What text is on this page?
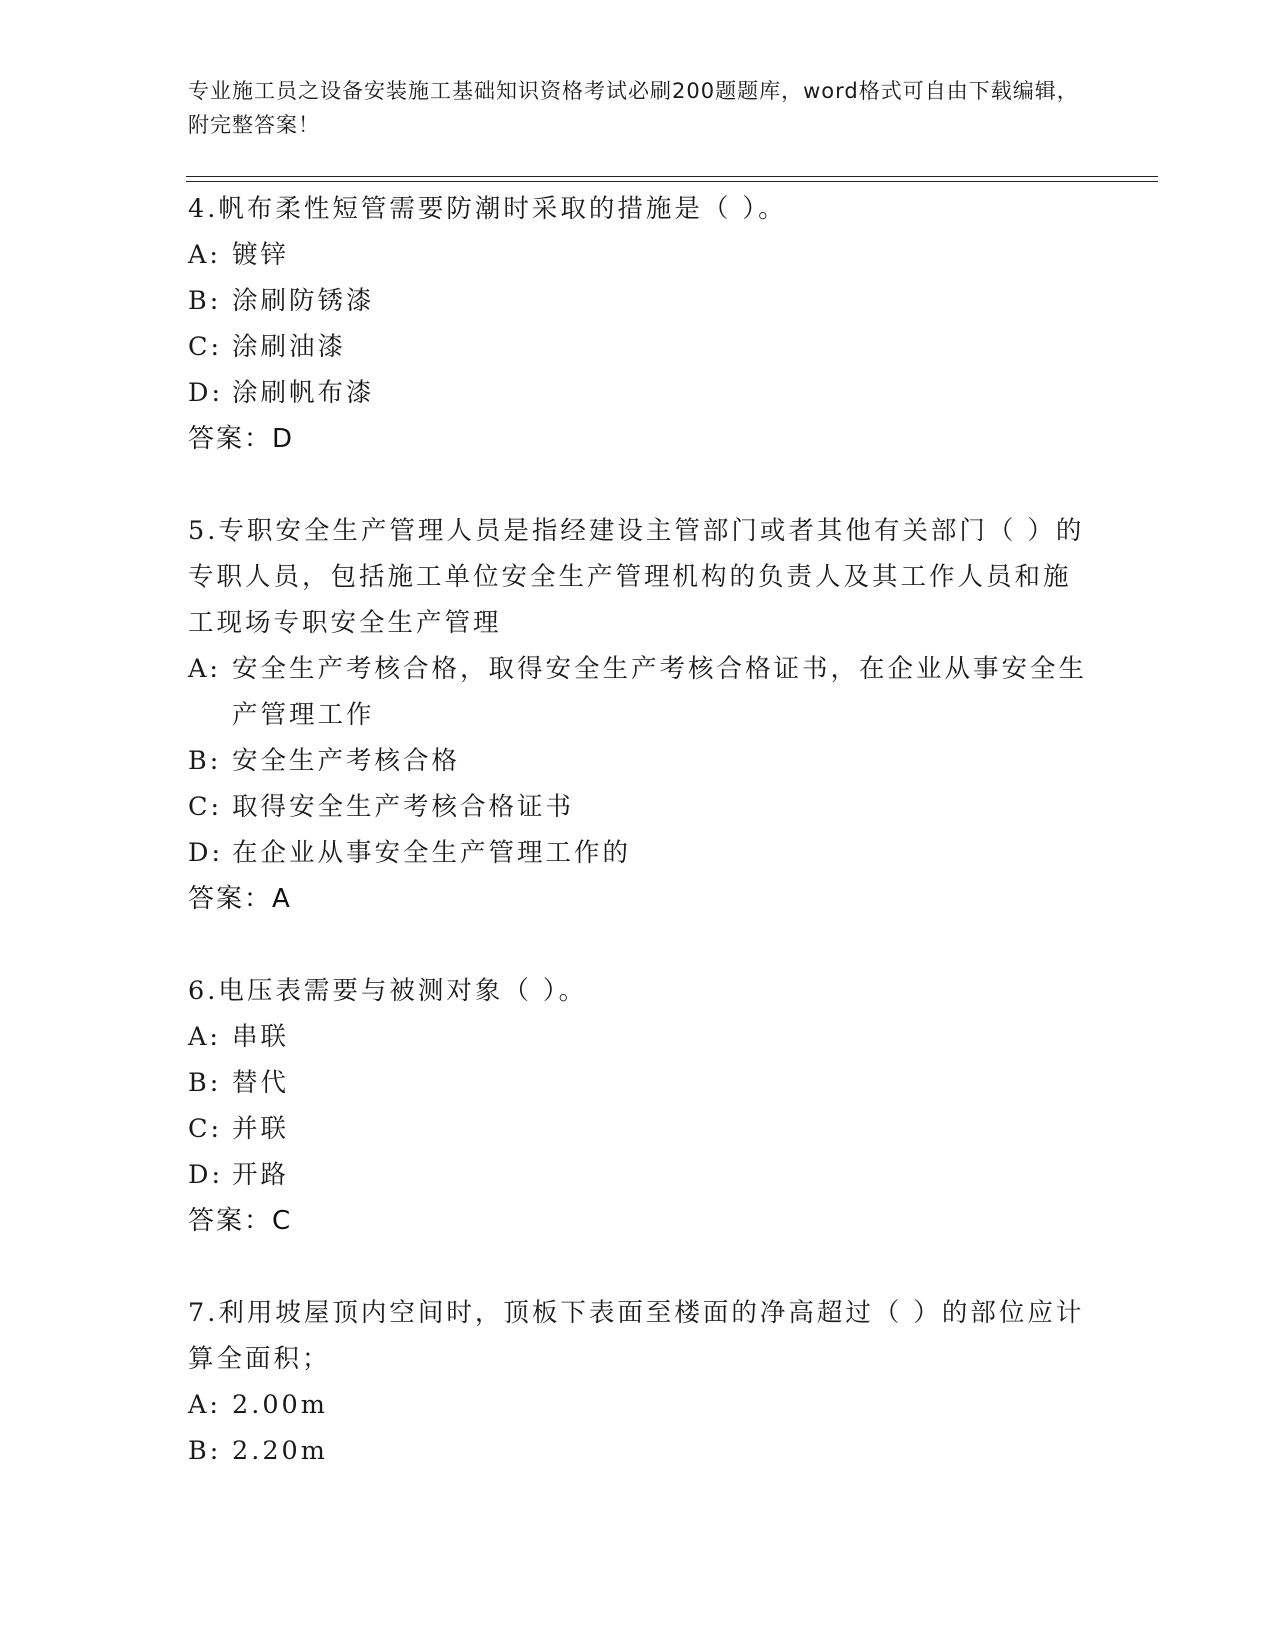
专业施工员之设备安装施工基础知识资格考试必刷200题题库，word格式可自由下载编辑，附完整答案！
4.帆布柔性短管需要防潮时采取的措施是（ ）。
A: 镀锌
B: 涂刷防锈漆
C: 涂刷油漆
D: 涂刷帆布漆
答案：D
5.专职安全生产管理人员是指经建设主管部门或者其他有关部门（ ）的专职人员，包括施工单位安全生产管理机构的负责人及其工作人员和施工现场专职安全生产管理
A: 安全生产考核合格，取得安全生产考核合格证书，在企业从事安全生产管理工作
B: 安全生产考核合格
C: 取得安全生产考核合格证书
D: 在企业从事安全生产管理工作的
答案：A
6.电压表需要与被测对象（ ）。
A: 串联
B: 替代
C: 并联
D: 开路
答案：C
7.利用坡屋顶内空间时，顶板下表面至楼面的净高超过（ ）的部位应计算全面积；
A: 2.00m
B: 2.20m
